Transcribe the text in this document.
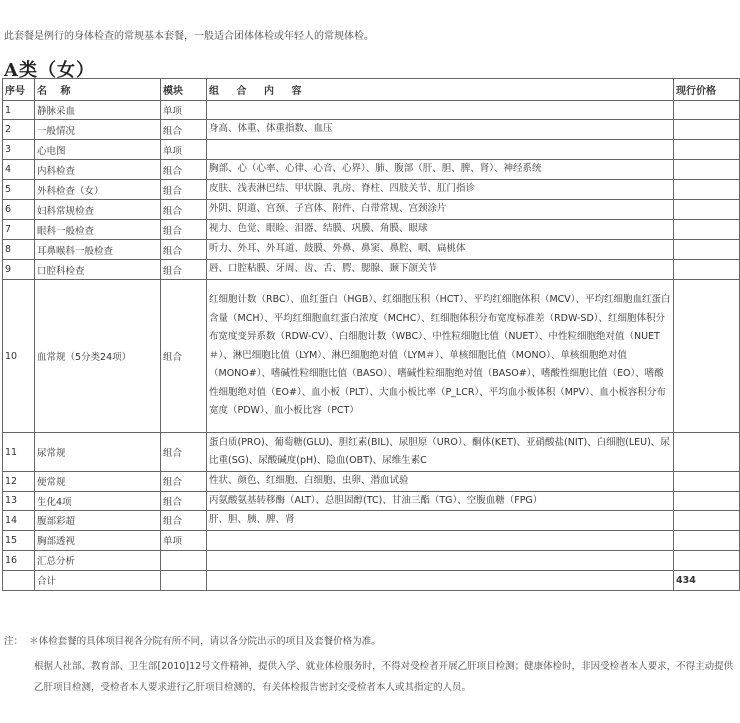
此套餐是例行的身体检查的常规基本套餐，一般适合团体体检或年轻人的常规体检。
A类（女）
序号	名 称	模块	组 合 内 容	现行价格
1	静脉采血	单项		
2	一般情况	组合	身高、体重、体重指数、血压	
3	心电图	单项		
4	内科检查	组合	胸部、心（心率、心律、心音、心界）、肺、腹部（肝、胆、脾、肾）、神经系统	
5	外科检查（女）	组合	皮肤、浅表淋巴结、甲状腺、乳房、脊柱、四肢关节、肛门指诊	
6	妇科常规检查	组合	外阴、阴道、宫颈、子宫体、附件、白带常规、宫颈涂片	
7	眼科一般检查	组合	视力、色觉、眼睑、泪器、结膜、巩膜、角膜、眼球	
8	耳鼻喉科一般检查	组合	听力、外耳、外耳道、鼓膜、外鼻、鼻窦、鼻腔、咽、扁桃体	
9	口腔科检查	组合	唇、口腔粘膜、牙周、齿、舌、腭、腮腺、颞下颌关节	
10	血常规（5分类24项）	组合	红细胞计数（RBC）、血红蛋白（HGB）、红细胞压积（HCT）、平均红细胞体积（MCV）、平均红细胞血红蛋白含量（MCH）、平均红细胞血红蛋白浓度（MCHC）、红细胞体积分布宽度标准差（RDW-SD）、红细胞体积分布宽度变异系数（RDW-CV）、白细胞计数（WBC）、中性粒细胞比值（NUET）、中性粒细胞绝对值（NUET＃）、淋巴细胞比值（LYM）、淋巴细胞绝对值（LYM＃）、单核细胞比值（MONO）、单核细胞绝对值（MONO#）、嗜碱性粒细胞比值（BASO）、嗜碱性粒细胞绝对值（BASO#）、嗜酸性细胞比值（EO）、嗜酸性细胞绝对值（EO#）、血小板（PLT）、大血小板比率（P_LCR）、平均血小板体积（MPV）、血小板容积分布宽度（PDW）、血小板比容（PCT）	
11	尿常规	组合	蛋白质(PRO)、葡萄糖(GLU)、胆红素(BIL)、尿胆原（URO）、酮体(KET)、亚硝酸盐(NIT)、白细胞(LEU)、尿比重(SG)、尿酸碱度(pH)、隐血(OBT)、尿维生素C	
12	便常规	组合	性状、颜色、红细胞、白细胞、虫卵、潜血试验	
13	生化4项	组合	丙氨酸氨基转移酶（ALT）、总胆固醇(TC)、甘油三酯（TG）、空腹血糖（FPG）	
14	腹部彩超	组合	肝、胆、胰、脾、肾	
15	胸部透视	单项		
16	汇总分析			
	合计			434
注： ＊体检套餐的具体项目视各分院有所不同，请以各分院出示的项目及套餐价格为准。
根据人社部、教育部、卫生部[2010]12号文件精神，提供入学、就业体检服务时，不得对受检者开展乙肝项目检测；健康体检时，非因受检者本人要求，不得主动提供乙肝项目检测，受检者本人要求进行乙肝项目检测的，有关体检报告密封交受检者本人或其指定的人员。
